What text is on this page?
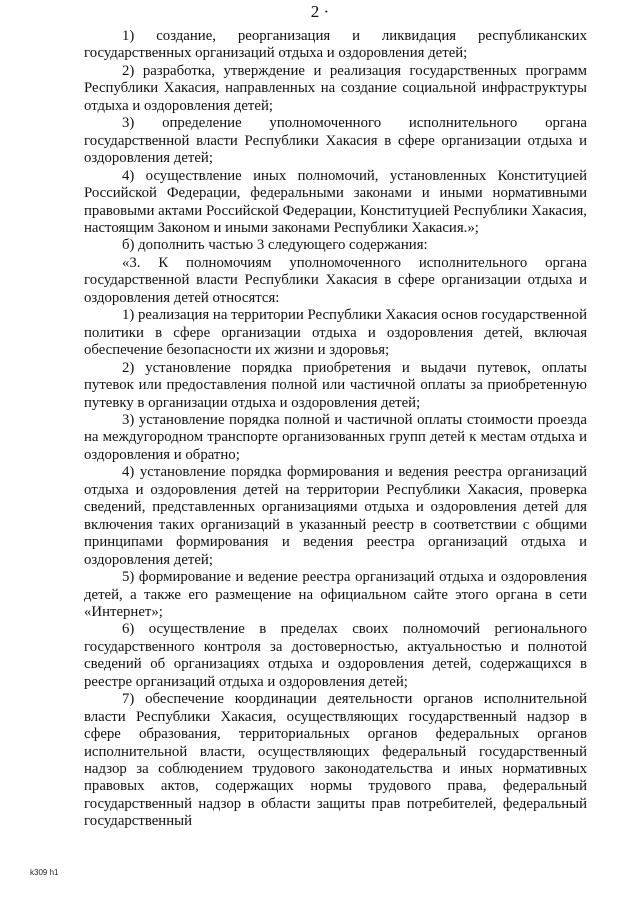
2 ·

1) создание, реорганизация и ликвидация республиканских государственных организаций отдыха и оздоровления детей;

2) разработка, утверждение и реализация государственных программ Республики Хакасия, направленных на создание социальной инфраструктуры отдыха и оздоровления детей;

3) определение уполномоченного исполнительного органа государственной власти Республики Хакасия в сфере организации отдыха и оздоровления детей;

4) осуществление иных полномочий, установленных Конституцией Российской Федерации, федеральными законами и иными нормативными правовыми актами Российской Федерации, Конституцией Республики Хакасия, настоящим Законом и иными законами Республики Хакасия.»;

б) дополнить частью 3 следующего содержания:

«3. К полномочиям уполномоченного исполнительного органа государственной власти Республики Хакасия в сфере организации отдыха и оздоровления детей относятся:

1) реализация на территории Республики Хакасия основ государственной политики в сфере организации отдыха и оздоровления детей, включая обеспечение безопасности их жизни и здоровья;

2) установление порядка приобретения и выдачи путевок, оплаты путевок или предоставления полной или частичной оплаты за приобретенную путевку в организации отдыха и оздоровления детей;

3) установление порядка полной и частичной оплаты стоимости проезда на междугородном транспорте организованных групп детей к местам отдыха и оздоровления и обратно;

4) установление порядка формирования и ведения реестра организаций отдыха и оздоровления детей на территории Республики Хакасия, проверка сведений, представленных организациями отдыха и оздоровления детей для включения таких организаций в указанный реестр в соответствии с общими принципами формирования и ведения реестра организаций отдыха и оздоровления детей;

5) формирование и ведение реестра организаций отдыха и оздоровления детей, а также его размещение на официальном сайте этого органа в сети «Интернет»;

6) осуществление в пределах своих полномочий регионального государственного контроля за достоверностью, актуальностью и полнотой сведений об организациях отдыха и оздоровления детей, содержащихся в реестре организаций отдыха и оздоровления детей;

7) обеспечение координации деятельности органов исполнительной власти Республики Хакасия, осуществляющих государственный надзор в сфере образования, территориальных органов федеральных органов исполнительной власти, осуществляющих федеральный государственный надзор за соблюдением трудового законодательства и иных нормативных правовых актов, содержащих нормы трудового права, федеральный государственный надзор в области защиты прав потребителей, федеральный государственный

k309 h1
